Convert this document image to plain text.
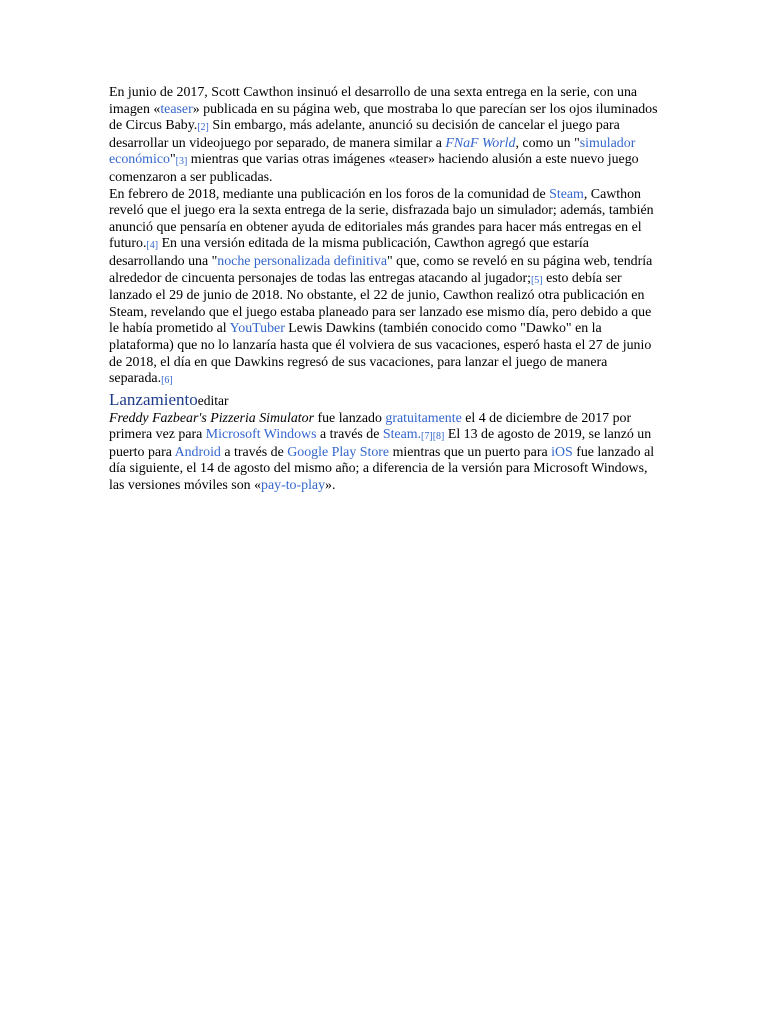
En junio de 2017, Scott Cawthon insinuó el desarrollo de una sexta entrega en la serie, con una imagen «teaser» publicada en su página web, que mostraba lo que parecían ser los ojos iluminados de Circus Baby.[2] Sin embargo, más adelante, anunció su decisión de cancelar el juego para desarrollar un videojuego por separado, de manera similar a FNaF World, como un "simulador económico"[3] mientras que varias otras imágenes «teaser» haciendo alusión a este nuevo juego comenzaron a ser publicadas.

En febrero de 2018, mediante una publicación en los foros de la comunidad de Steam, Cawthon reveló que el juego era la sexta entrega de la serie, disfrazada bajo un simulador; además, también anunció que pensaría en obtener ayuda de editoriales más grandes para hacer más entregas en el futuro.[4] En una versión editada de la misma publicación, Cawthon agregó que estaría desarrollando una "noche personalizada definitiva" que, como se reveló en su página web, tendría alrededor de cincuenta personajes de todas las entregas atacando al jugador;[5] esto debía ser lanzado el 29 de junio de 2018. No obstante, el 22 de junio, Cawthon realizó otra publicación en Steam, revelando que el juego estaba planeado para ser lanzado ese mismo día, pero debido a que le había prometido al YouTuber Lewis Dawkins (también conocido como "Dawko" en la plataforma) que no lo lanzaría hasta que él volviera de sus vacaciones, esperó hasta el 27 de junio de 2018, el día en que Dawkins regresó de sus vacaciones, para lanzar el juego de manera separada.[6]

Lanzamientoeditar

Freddy Fazbear's Pizzeria Simulator fue lanzado gratuitamente el 4 de diciembre de 2017 por primera vez para Microsoft Windows a través de Steam.[7][8] El 13 de agosto de 2019, se lanzó un puerto para Android a través de Google Play Store mientras que un puerto para iOS fue lanzado al día siguiente, el 14 de agosto del mismo año; a diferencia de la versión para Microsoft Windows, las versiones móviles son «pay-to-play».
